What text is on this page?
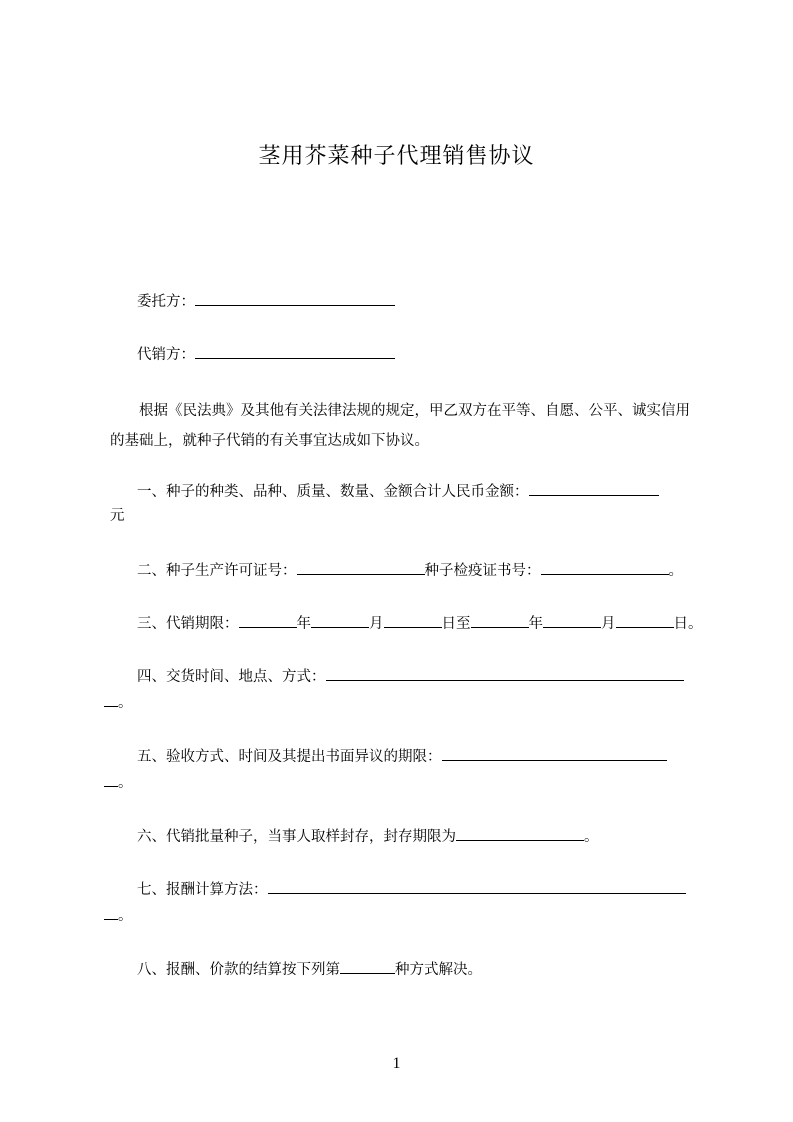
茎用芥菜种子代理销售协议
委托方：
代销方：
根据《民法典》及其他有关法律法规的规定，甲乙双方在平等、自愿、公平、诚实信用的基础上，就种子代销的有关事宜达成如下协议。
一、种子的种类、品种、质量、数量、金额合计人民币金额：
元
二、种子生产许可证号：	种子检疫证书号：	。
三、代销期限：	年	月	日至	年	月	日。
四、交货时间、地点、方式：
。
五、验收方式、时间及其提出书面异议的期限：
。
六、代销批量种子，当事人取样封存，封存期限为	。
七、报酬计算方法：
。
八、报酬、价款的结算按下列第	种方式解决。
1
